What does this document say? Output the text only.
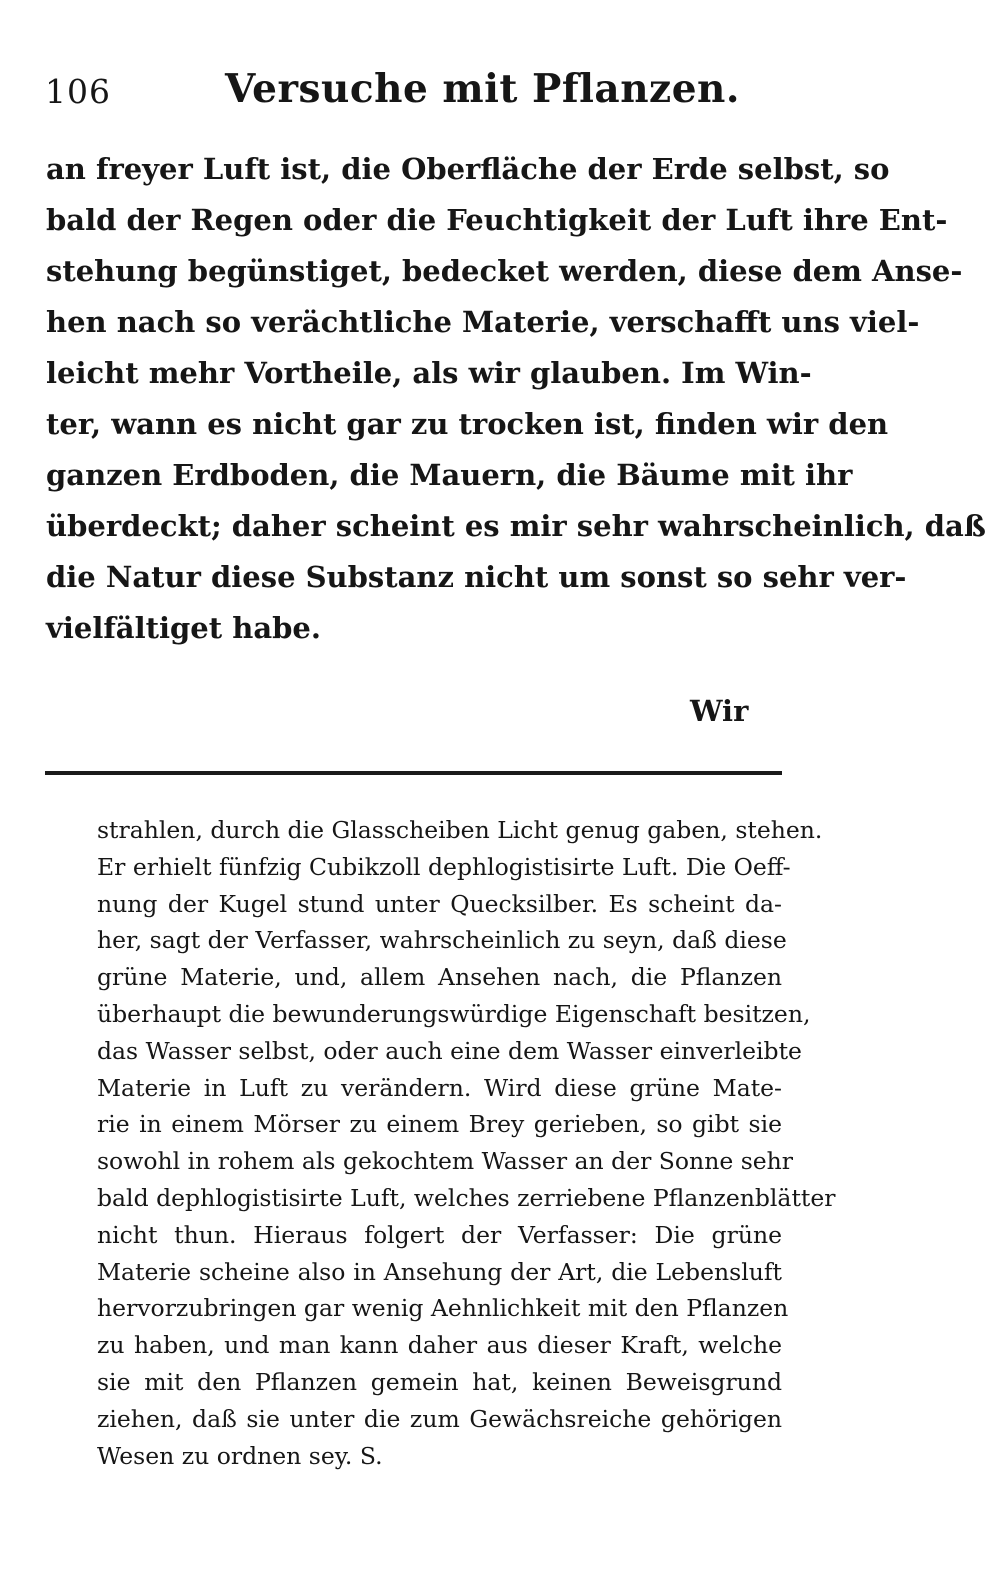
106	Versuche mit Pflanzen.
an freyer Luft ist, die Oberfläche der Erde selbst, so
bald der Regen oder die Feuchtigkeit der Luft ihre Ent-
stehung begünstiget, bedecket werden, diese dem Anse-
hen nach so verächtliche Materie, verschafft uns viel-
leicht mehr Vortheile, als wir glauben. Im Win-
ter, wann es nicht gar zu trocken ist, finden wir den
ganzen Erdboden, die Mauern, die Bäume mit ihr
überdeckt; daher scheint es mir sehr wahrscheinlich, daß
die Natur diese Substanz nicht um sonst so sehr ver-
vielfältiget habe.
Wir
strahlen, durch die Glasscheiben Licht genug gaben, stehen.
Er erhielt fünfzig Cubikzoll dephlogistisirte Luft. Die Oeff-
nung der Kugel stund unter Quecksilber. Es scheint da-
her, sagt der Verfasser, wahrscheinlich zu seyn, daß diese
grüne Materie, und, allem Ansehen nach, die Pflanzen
überhaupt die bewunderungswürdige Eigenschaft besitzen,
das Wasser selbst, oder auch eine dem Wasser einverleibte
Materie in Luft zu verändern. Wird diese grüne Mate-
rie in einem Mörser zu einem Brey gerieben, so gibt sie
sowohl in rohem als gekochtem Wasser an der Sonne sehr
bald dephlogistisirte Luft, welches zerriebene Pflanzenblätter
nicht thun. Hieraus folgert der Verfasser: Die grüne
Materie scheine also in Ansehung der Art, die Lebensluft
hervorzubringen gar wenig Aehnlichkeit mit den Pflanzen
zu haben, und man kann daher aus dieser Kraft, welche
sie mit den Pflanzen gemein hat, keinen Beweisgrund
ziehen, daß sie unter die zum Gewächsreiche gehörigen
Wesen zu ordnen sey. S.
